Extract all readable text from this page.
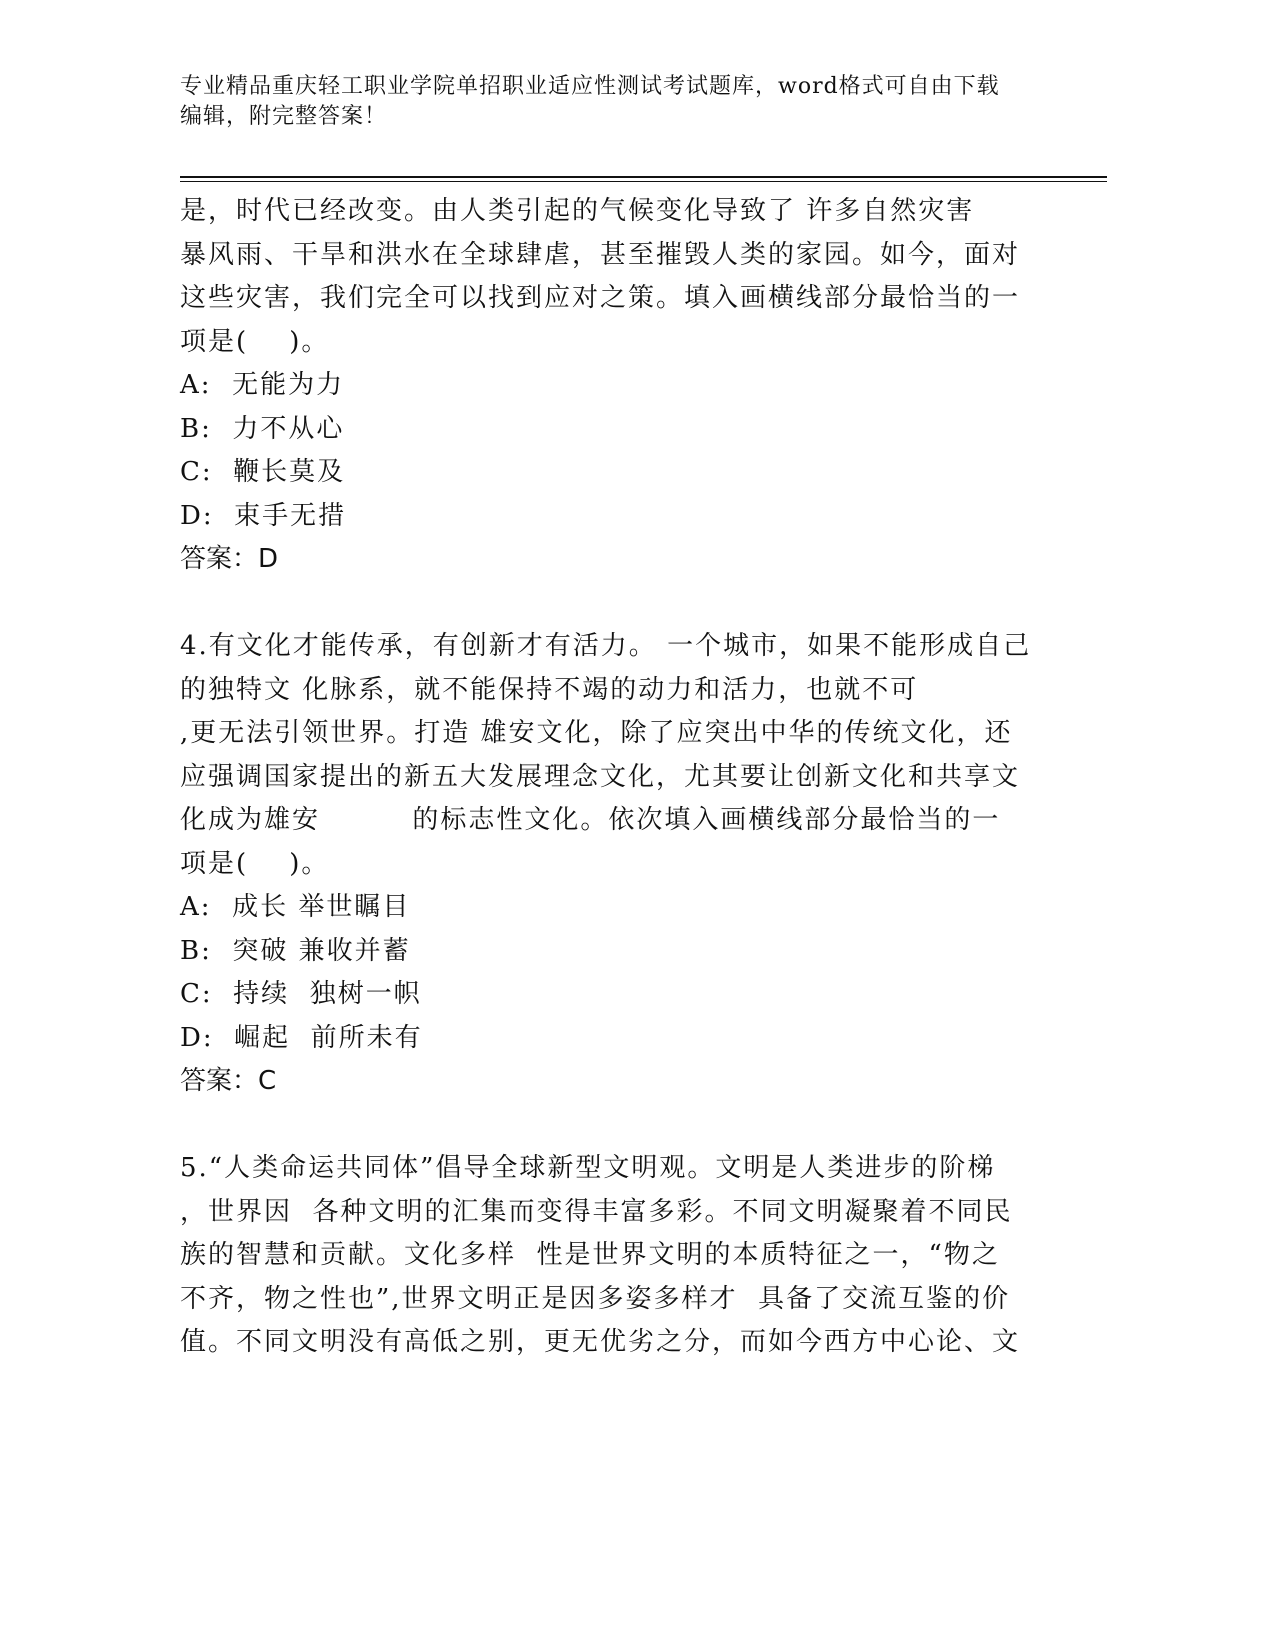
专业精品重庆轻工职业学院单招职业适应性测试考试题库，word格式可自由下载
编辑，附完整答案！
是，时代已经改变。由人类引起的气候变化导致了 许多自然灾害
暴风雨、干旱和洪水在全球肆虐，甚至摧毁人类的家园。如今，面对
这些灾害，我们完全可以找到应对之策。填入画横线部分最恰当的一
项是(    )。
A:  无能为力
B:  力不从心
C:  鞭长莫及
D:  束手无措
答案：D
4.有文化才能传承，有创新才有活力。 一个城市，如果不能形成自己
的独特文 化脉系，就不能保持不竭的动力和活力，也就不可
,更无法引领世界。打造 雄安文化，除了应突出中华的传统文化，还
应强调国家提出的新五大发展理念文化，尤其要让创新文化和共享文
化成为雄安         的标志性文化。依次填入画横线部分最恰当的一
项是(    )。
A:  成长 举世瞩目
B:  突破 兼收并蓄
C:  持续  独树一帜
D:  崛起  前所未有
答案：C
5.“人类命运共同体”倡导全球新型文明观。文明是人类进步的阶梯
，世界因  各种文明的汇集而变得丰富多彩。不同文明凝聚着不同民
族的智慧和贡献。文化多样  性是世界文明的本质特征之一，“物之
不齐，物之性也”,世界文明正是因多姿多样才  具备了交流互鉴的价
值。不同文明没有高低之别，更无优劣之分，而如今西方中心论、文
